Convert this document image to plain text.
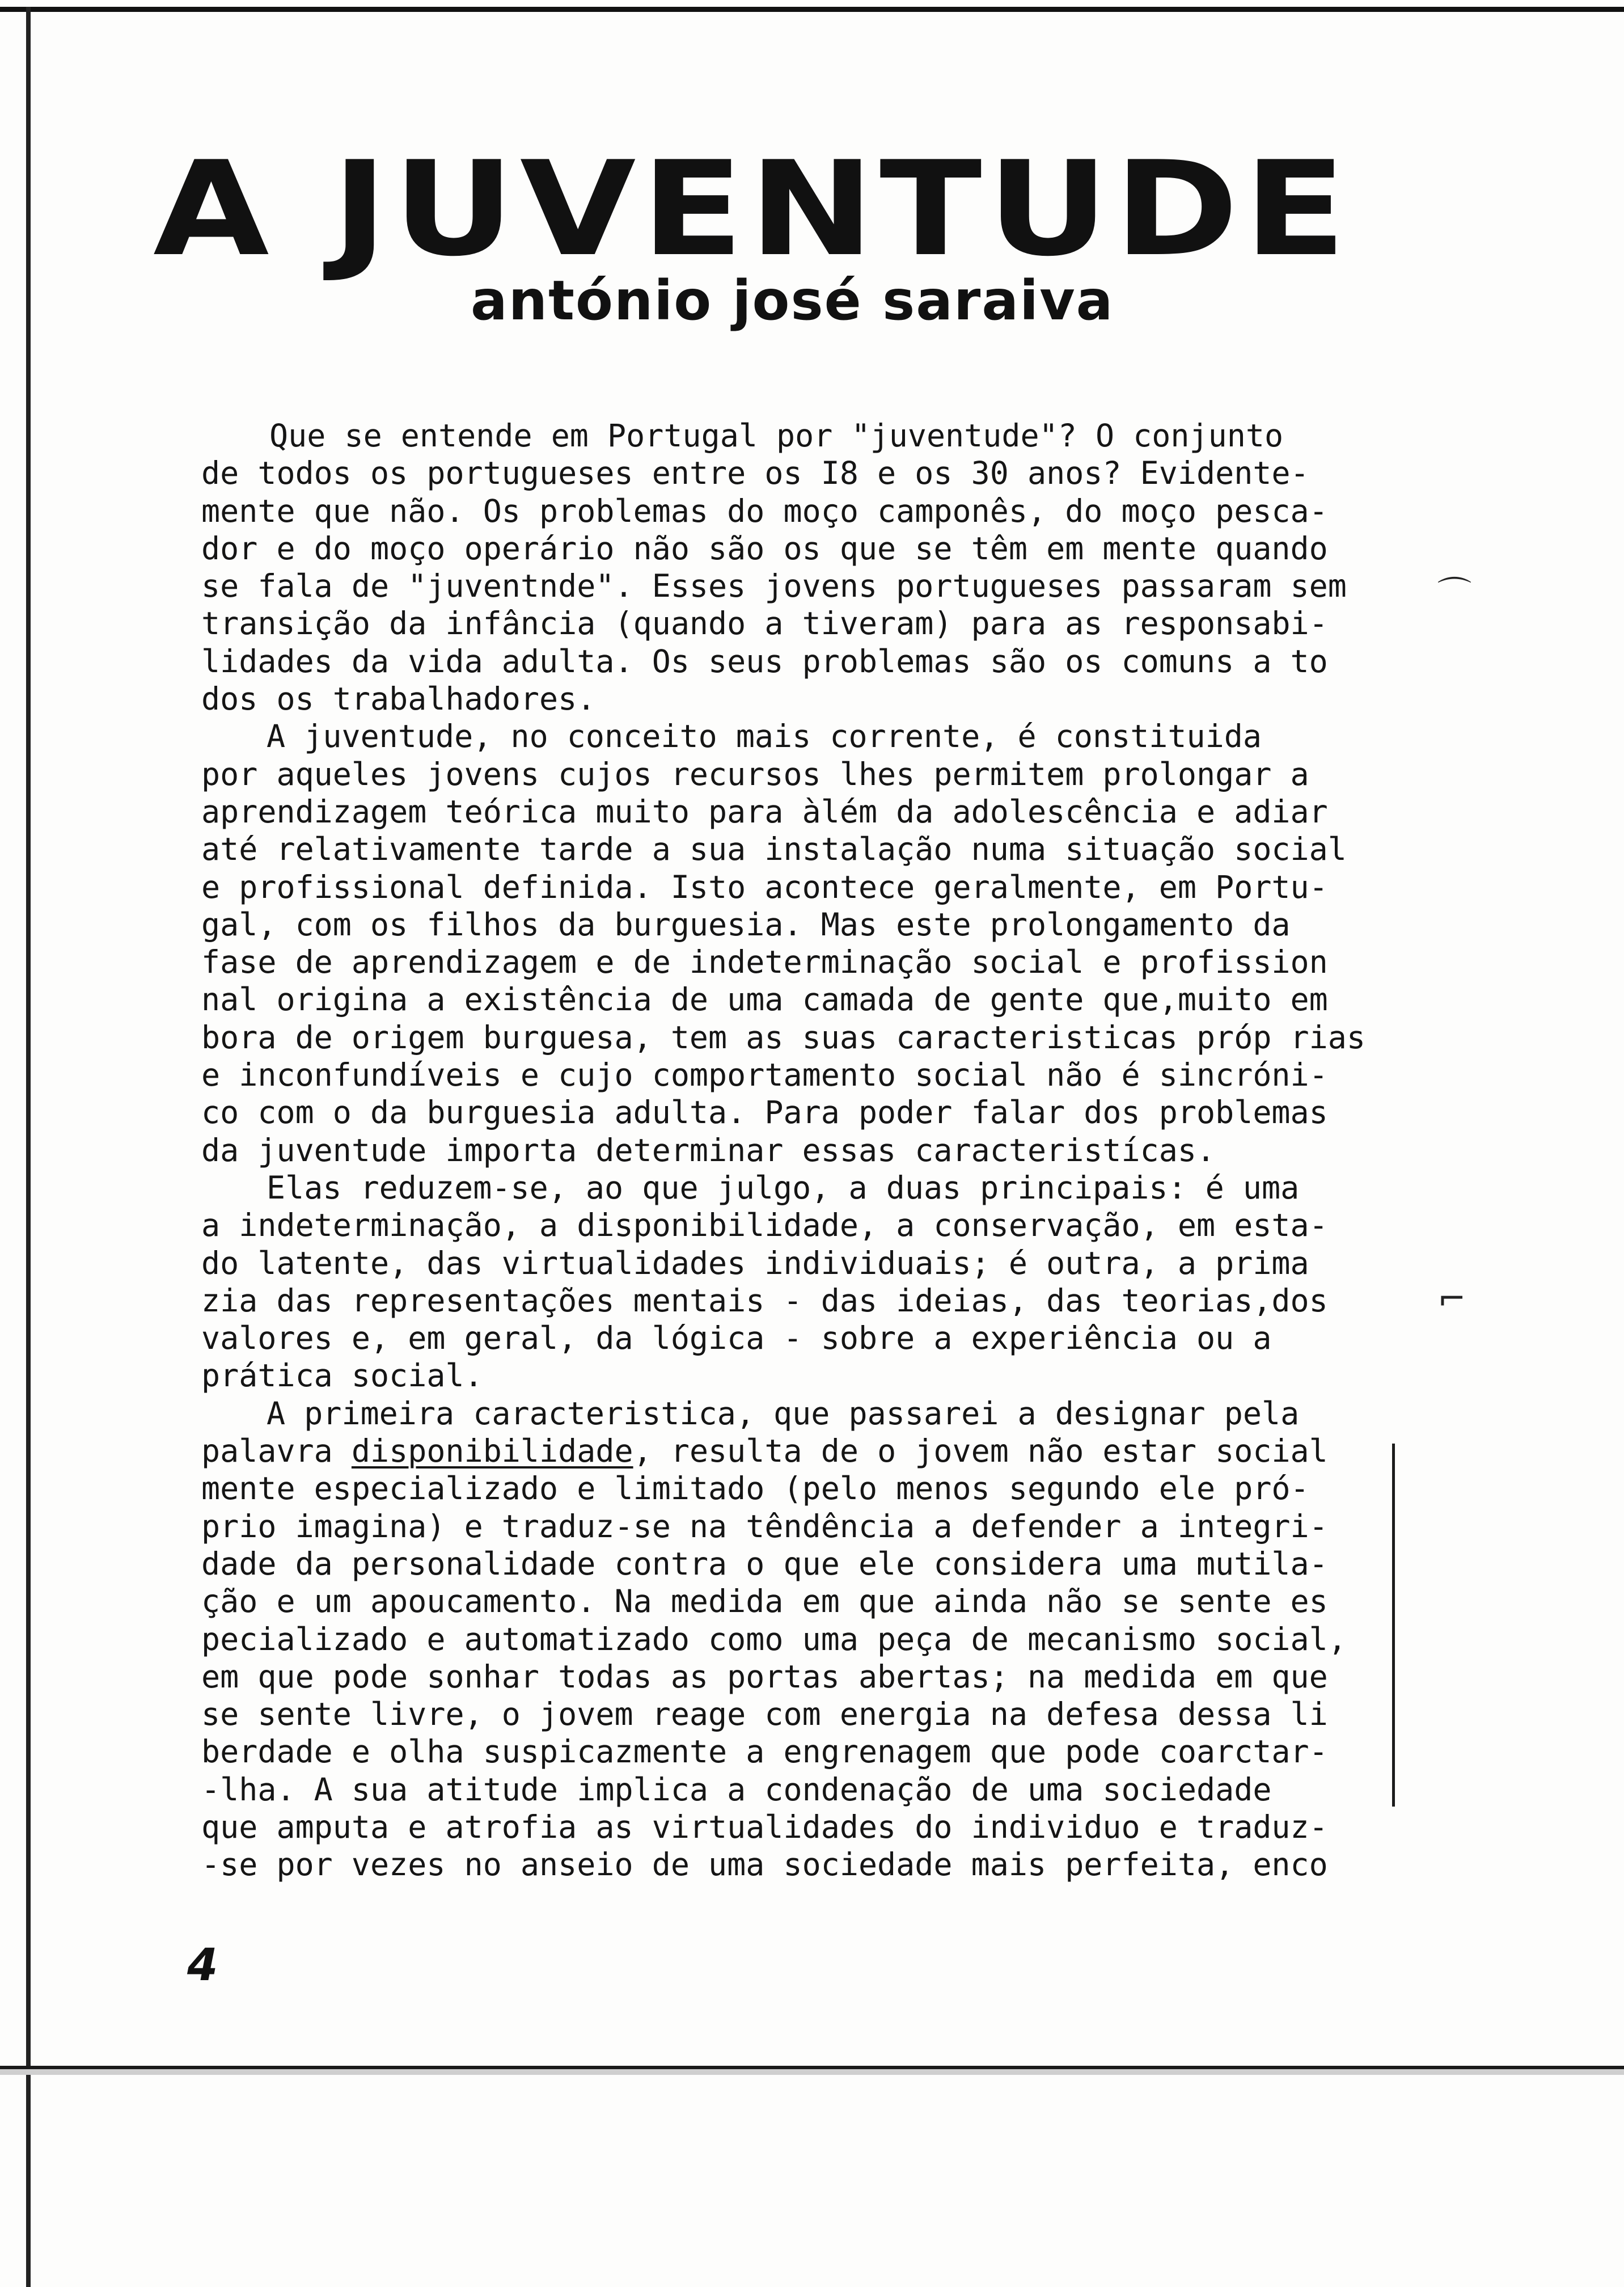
A JUVENTUDE
antónio josé saraiva
Que se entende em Portugal por "juventude"? O conjunto
de todos os portugueses entre os I8 e os 30 anos? Evidente-
mente que não. Os problemas do moço camponês, do moço pesca-
dor e do moço operário não são os que se têm em mente quando
se fala de "juventnde". Esses jovens portugueses passaram sem
transição da infância (quando a tiveram) para as responsabi-
lidades da vida adulta. Os seus problemas são os comuns a to
dos os trabalhadores.
A juventude, no conceito mais corrente, é constituida
por aqueles jovens cujos recursos lhes permitem prolongar a
aprendizagem teórica muito para àlém da adolescência e adiar
até relativamente tarde a sua instalação numa situação social
e profissional definida. Isto acontece geralmente, em Portu-
gal, com os filhos da burguesia. Mas este prolongamento da
fase de aprendizagem e de indeterminação social e profission
nal origina a existência de uma camada de gente que,muito em
bora de origem burguesa, tem as suas caracteristicas próp rias
e inconfundíveis e cujo comportamento social não é sincróni-
co com o da burguesia adulta. Para poder falar dos problemas
da juventude importa determinar essas caracteristícas.
Elas reduzem-se, ao que julgo, a duas principais: é uma
a indeterminação, a disponibilidade, a conservação, em esta-
do latente, das virtualidades individuais; é outra, a prima
zia das representações mentais - das ideias, das teorias,dos
valores e, em geral, da lógica - sobre a experiência ou a
prática social.
A primeira caracteristica, que passarei a designar pela
palavra disponibilidade, resulta de o jovem não estar social
mente especializado e limitado (pelo menos segundo ele pró-
prio imagina) e traduz-se na têndência a defender a integri-
dade da personalidade contra o que ele considera uma mutila-
ção e um apoucamento. Na medida em que ainda não se sente es
pecializado e automatizado como uma peça de mecanismo social,
em que pode sonhar todas as portas abertas; na medida em que
se sente livre, o jovem reage com energia na defesa dessa li
berdade e olha suspicazmente a engrenagem que pode coarctar-
-lha. A sua atitude implica a condenação de uma sociedade
que amputa e atrofia as virtualidades do individuo e traduz-
-se por vezes no anseio de uma sociedade mais perfeita, enco
⌒
⌐
4
